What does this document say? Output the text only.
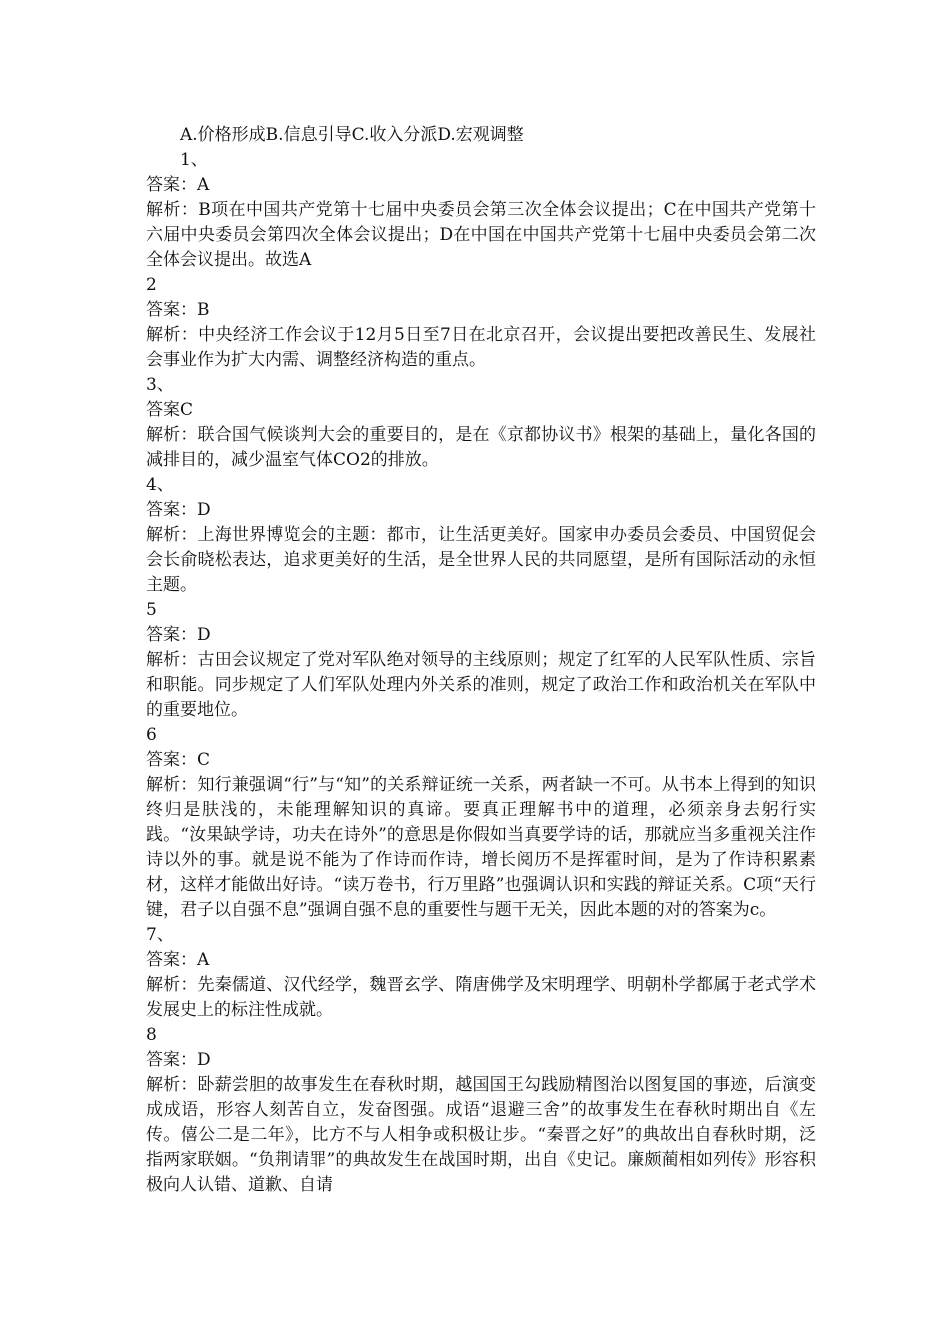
A.价格形成B.信息引导C.收入分派D.宏观调整
1、
答案：A
解析：B项在中国共产党第十七届中央委员会第三次全体会议提出；C在中国共产党第十六届中央委员会第四次全体会议提出；D在中国在中国共产党第十七届中央委员会第二次全体会议提出。故选A
2
答案：B
解析：中央经济工作会议于12月5日至7日在北京召开，会议提出要把改善民生、发展社会事业作为扩大内需、调整经济构造的重点。
3、
答案C
解析：联合国气候谈判大会的重要目的，是在《京都协议书》根架的基础上，量化各国的减排目的，减少温室气体CO2的排放。
4、
答案：D
解析：上海世界博览会的主题：都市，让生活更美好。国家申办委员会委员、中国贸促会会长俞晓松表达，追求更美好的生活，是全世界人民的共同愿望，是所有国际活动的永恒主题。
5
答案：D
解析：古田会议规定了党对军队绝对领导的主线原则；规定了红军的人民军队性质、宗旨和职能。同步规定了人们军队处理内外关系的准则，规定了政治工作和政治机关在军队中的重要地位。
6
答案：C
解析：知行兼强调“行”与“知”的关系辩证统一关系，两者缺一不可。从书本上得到的知识终归是肤浅的，未能理解知识的真谛。要真正理解书中的道理，必须亲身去躬行实践。“汝果缺学诗，功夫在诗外”的意思是你假如当真要学诗的话，那就应当多重视关注作诗以外的事。就是说不能为了作诗而作诗，增长阅历不是挥霍时间，是为了作诗积累素材，这样才能做出好诗。“读万卷书，行万里路”也强调认识和实践的辩证关系。C项“天行键，君子以自强不息”强调自强不息的重要性与题干无关，因此本题的对的答案为c。
7、
答案：A
解析：先秦儒道、汉代经学，魏晋玄学、隋唐佛学及宋明理学、明朝朴学都属于老式学术发展史上的标注性成就。
8
答案：D
解析：卧薪尝胆的故事发生在春秋时期，越国国王勾践励精图治以图复国的事迹，后演变成成语，形容人刻苦自立，发奋图强。成语“退避三舍”的故事发生在春秋时期出自《左传。僖公二是二年》，比方不与人相争或积极让步。“秦晋之好”的典故出自春秋时期，泛指两家联姻。“负荆请罪”的典故发生在战国时期，出自《史记。廉颇蔺相如列传》形容积极向人认错、道歉、自请
